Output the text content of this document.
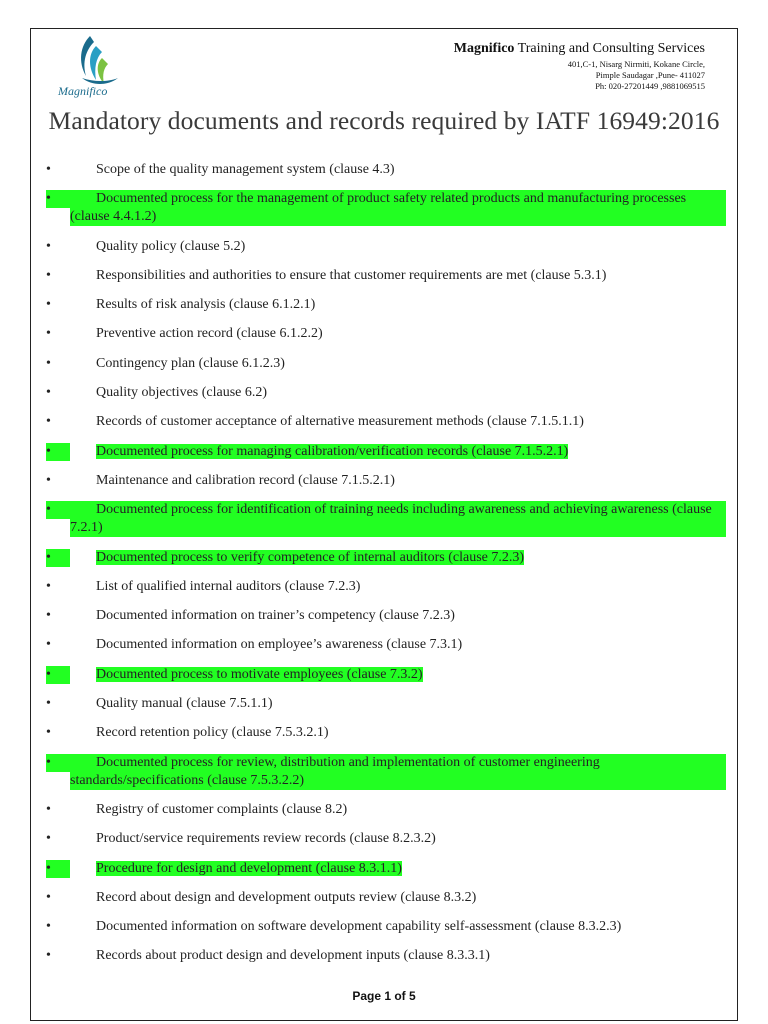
Magnifico
Magnifico Training and Consulting Services
401,C-1, Nisarg Nirmiti, Kokane Circle,
Pimple Saudagar ,Pune- 411027
Ph: 020-27201449 ,9881069515
Mandatory documents and records required by IATF 16949:2016
•	Scope of the quality management system (clause 4.3)
•	Documented process for the management of product safety related products and manufacturing processes (clause 4.4.1.2)
•	Quality policy (clause 5.2)
•	Responsibilities and authorities to ensure that customer requirements are met (clause 5.3.1)
•	Results of risk analysis (clause 6.1.2.1)
•	Preventive action record (clause 6.1.2.2)
•	Contingency plan (clause 6.1.2.3)
•	Quality objectives (clause 6.2)
•	Records of customer acceptance of alternative measurement methods (clause 7.1.5.1.1)
•	Documented process for managing calibration/verification records (clause 7.1.5.2.1)
•	Maintenance and calibration record (clause 7.1.5.2.1)
•	Documented process for identification of training needs including awareness and achieving awareness (clause 7.2.1)
•	Documented process to verify competence of internal auditors (clause 7.2.3)
•	List of qualified internal auditors (clause 7.2.3)
•	Documented information on trainer’s competency (clause 7.2.3)
•	Documented information on employee’s awareness (clause 7.3.1)
•	Documented process to motivate employees (clause 7.3.2)
•	Quality manual (clause 7.5.1.1)
•	Record retention policy (clause 7.5.3.2.1)
•	Documented process for review, distribution and implementation of customer engineering standards/specifications (clause 7.5.3.2.2)
•	Registry of customer complaints (clause 8.2)
•	Product/service requirements review records (clause 8.2.3.2)
•	Procedure for design and development (clause 8.3.1.1)
•	Record about design and development outputs review (clause 8.3.2)
•	Documented information on software development capability self-assessment (clause 8.3.2.3)
•	Records about product design and development inputs (clause 8.3.3.1)
Page 1 of 5
